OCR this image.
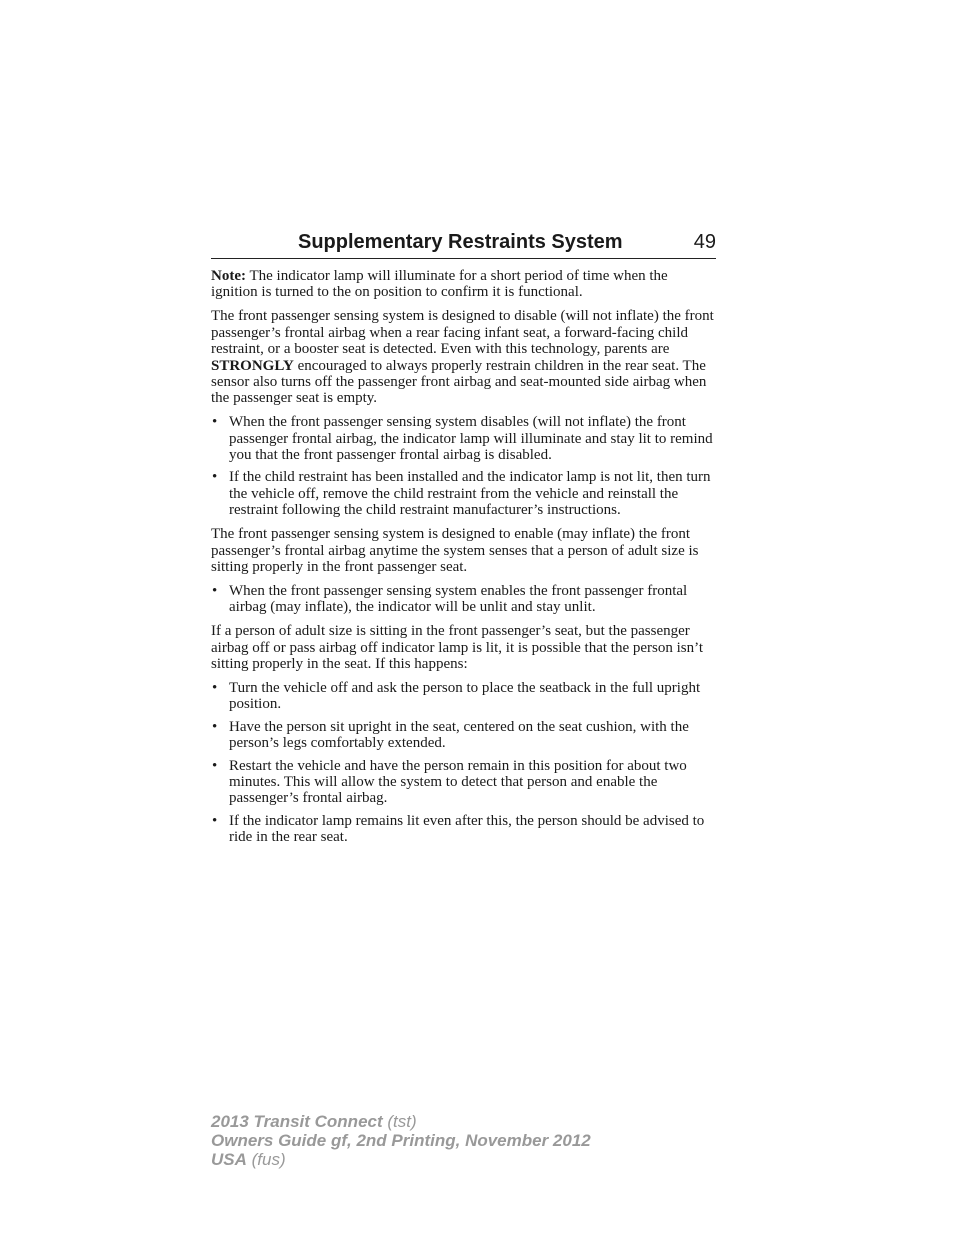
Supplementary Restraints System	49

Note: The indicator lamp will illuminate for a short period of time when the ignition is turned to the on position to confirm it is functional.

The front passenger sensing system is designed to disable (will not inflate) the front passenger’s frontal airbag when a rear facing infant seat, a forward-facing child restraint, or a booster seat is detected. Even with this technology, parents are STRONGLY encouraged to always properly restrain children in the rear seat. The sensor also turns off the passenger front airbag and seat-mounted side airbag when the passenger seat is empty.

• When the front passenger sensing system disables (will not inflate) the front passenger frontal airbag, the indicator lamp will illuminate and stay lit to remind you that the front passenger frontal airbag is disabled.
• If the child restraint has been installed and the indicator lamp is not lit, then turn the vehicle off, remove the child restraint from the vehicle and reinstall the restraint following the child restraint manufacturer’s instructions.

The front passenger sensing system is designed to enable (may inflate) the front passenger’s frontal airbag anytime the system senses that a person of adult size is sitting properly in the front passenger seat.

• When the front passenger sensing system enables the front passenger frontal airbag (may inflate), the indicator will be unlit and stay unlit.

If a person of adult size is sitting in the front passenger’s seat, but the passenger airbag off or pass airbag off indicator lamp is lit, it is possible that the person isn’t sitting properly in the seat. If this happens:

• Turn the vehicle off and ask the person to place the seatback in the full upright position.
• Have the person sit upright in the seat, centered on the seat cushion, with the person’s legs comfortably extended.
• Restart the vehicle and have the person remain in this position for about two minutes. This will allow the system to detect that person and enable the passenger’s frontal airbag.
• If the indicator lamp remains lit even after this, the person should be advised to ride in the rear seat.
2013 Transit Connect (tst)
Owners Guide gf, 2nd Printing, November 2012
USA (fus)
